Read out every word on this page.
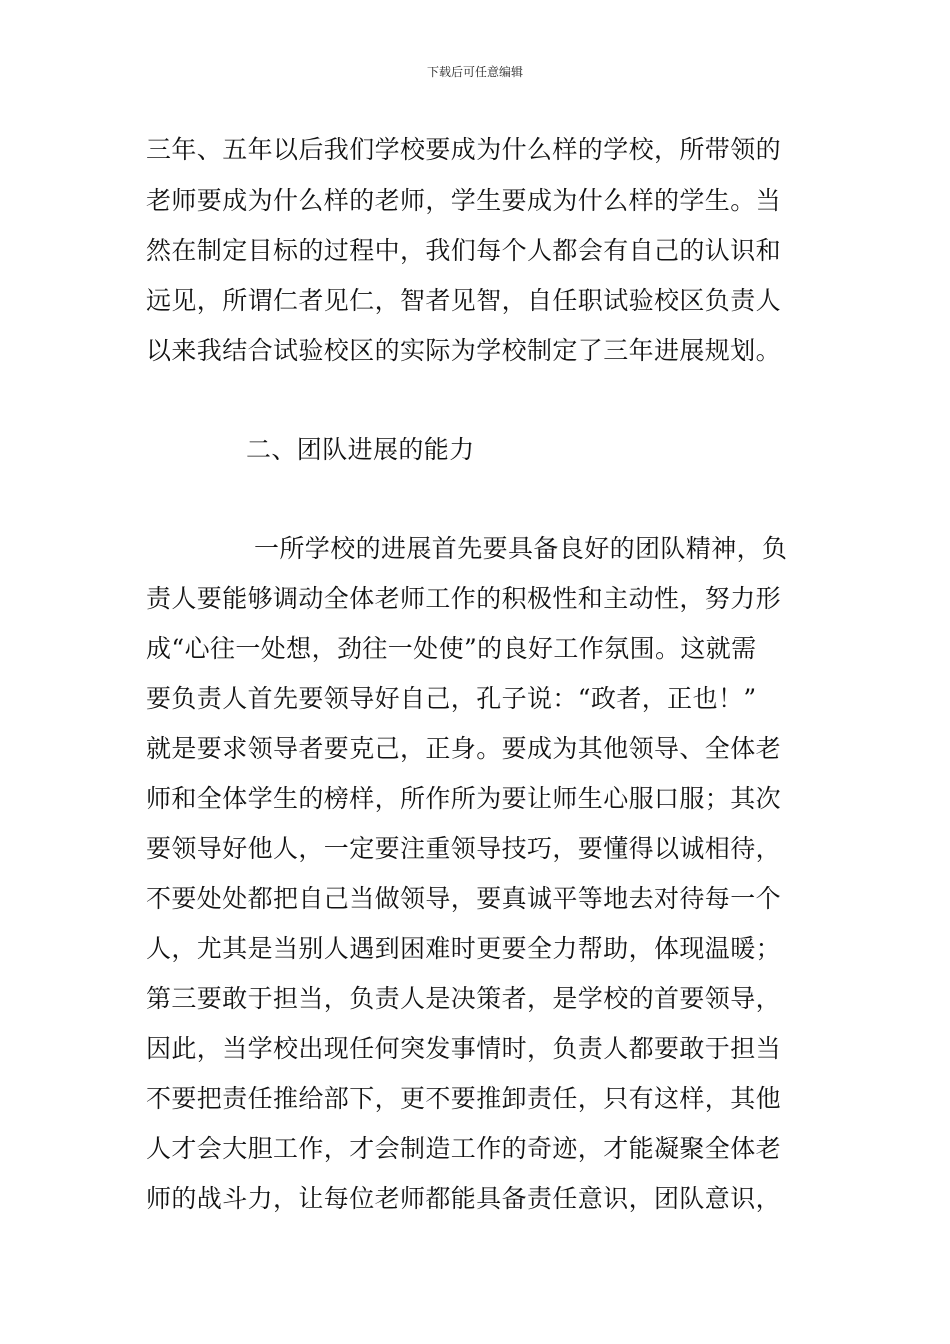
下载后可任意编辑
三年、五年以后我们学校要成为什么样的学校，所带领的
老师要成为什么样的老师，学生要成为什么样的学生。当
然在制定目标的过程中，我们每个人都会有自己的认识和
远见，所谓仁者见仁，智者见智，自任职试验校区负责人
以来我结合试验校区的实际为学校制定了三年进展规划。
二、团队进展的能力
一所学校的进展首先要具备良好的团队精神，负
责人要能够调动全体老师工作的积极性和主动性，努力形
成“心往一处想，劲往一处使”的良好工作氛围。这就需
要负责人首先要领导好自己，孔子说：“政者，正也！”
就是要求领导者要克己，正身。要成为其他领导、全体老
师和全体学生的榜样，所作所为要让师生心服口服；其次
要领导好他人，一定要注重领导技巧，要懂得以诚相待，
不要处处都把自己当做领导，要真诚平等地去对待每一个
人，尤其是当别人遇到困难时更要全力帮助，体现温暖；
第三要敢于担当，负责人是决策者，是学校的首要领导，
因此，当学校出现任何突发事情时，负责人都要敢于担当
不要把责任推给部下，更不要推卸责任，只有这样，其他
人才会大胆工作，才会制造工作的奇迹，才能凝聚全体老
师的战斗力，让每位老师都能具备责任意识，团队意识，
